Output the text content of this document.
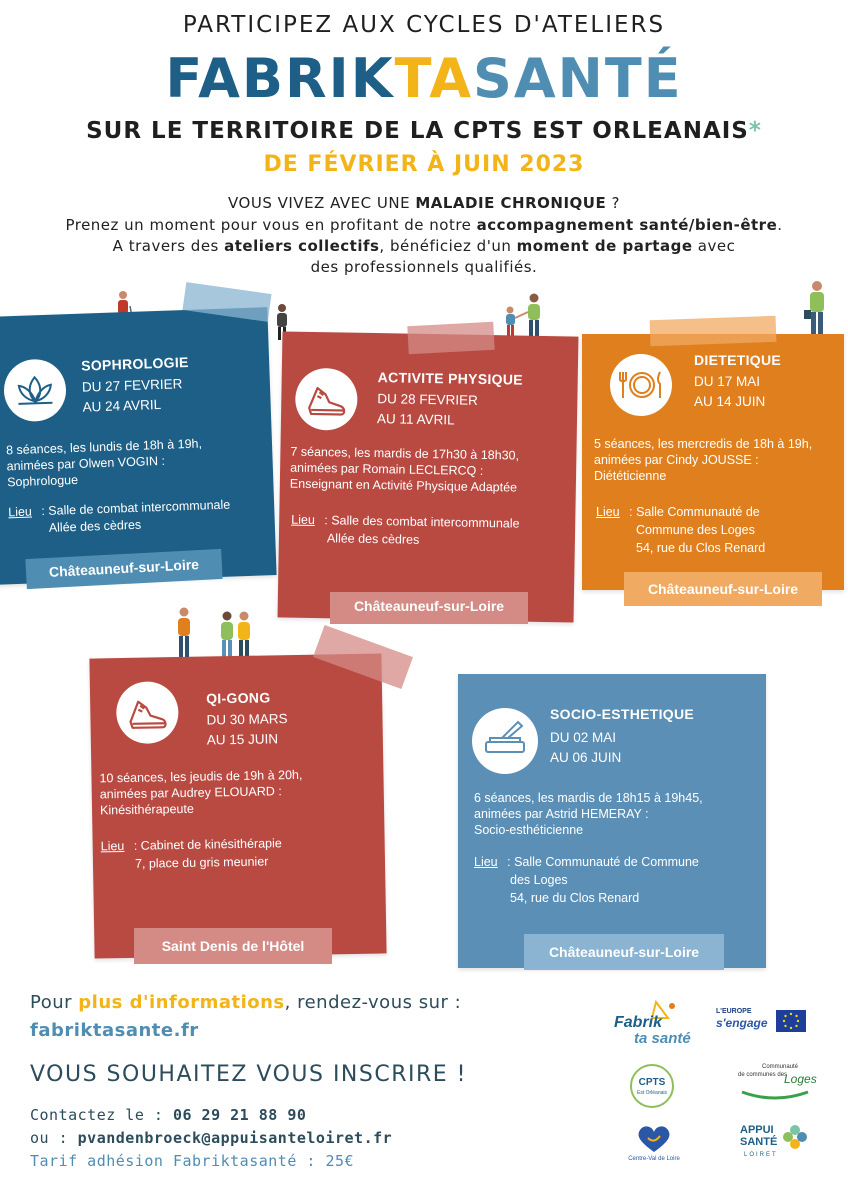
PARTICIPEZ AUX CYCLES D'ATELIERS
FABRIKTASANTÉ
SUR LE TERRITOIRE DE LA CPTS EST ORLEANAIS*
DE FÉVRIER À JUIN 2023
VOUS VIVEZ AVEC UNE MALADIE CHRONIQUE ?
Prenez un moment pour vous en profitant de notre accompagnement santé/bien-être.
A travers des ateliers collectifs, bénéficiez d'un moment de partage avec
des professionnels qualifiés.
SOPHROLOGIE
DU 27 FEVRIER
AU 24 AVRIL
8 séances, les lundis de 18h à 19h,
animées par Olwen VOGIN :
Sophrologue
Lieu : Salle de combat intercommunale
Allée des cèdres
Châteauneuf-sur-Loire
ACTIVITE PHYSIQUE
DU 28 FEVRIER
AU 11 AVRIL
7 séances, les mardis de 17h30 à 18h30,
animées par Romain LECLERCQ :
Enseignant en Activité Physique Adaptée
Lieu : Salle des combat intercommunale
Allée des cèdres
Châteauneuf-sur-Loire
DIETETIQUE
DU 17 MAI
AU 14 JUIN
5 séances, les mercredis de 18h à 19h,
animées par Cindy JOUSSE :
Diététicienne
Lieu : Salle Communauté de
Commune des Loges
54, rue du Clos Renard
Châteauneuf-sur-Loire
QI-GONG
DU 30 MARS
AU 15 JUIN
10 séances, les jeudis de 19h à 20h,
animées par Audrey ELOUARD :
Kinésithérapeute
Lieu : Cabinet de kinésithérapie
7, place du gris meunier
Saint Denis de l'Hôtel
SOCIO-ESTHETIQUE
DU 02 MAI
AU 06 JUIN
6 séances, les mardis de 18h15 à 19h45,
animées par Astrid HEMERAY :
Socio-esthéticienne
Lieu : Salle Communauté de Commune
des Loges
54, rue du Clos Renard
Châteauneuf-sur-Loire
Pour plus d'informations, rendez-vous sur :
fabriktasante.fr
VOUS SOUHAITEZ VOUS INSCRIRE !
Contactez le : 06 29 21 88 90
ou : pvandenbroeck@appuisanteloiret.fr
Tarif adhésion Fabriktasanté : 25€
Fabrik
ta santé
L'EUROPE
s'engage
CPTS
Est Orléanais
Communauté
de communes des
Loges
Centre-Val de Loire
APPUI
SANTÉ
LOIRET
